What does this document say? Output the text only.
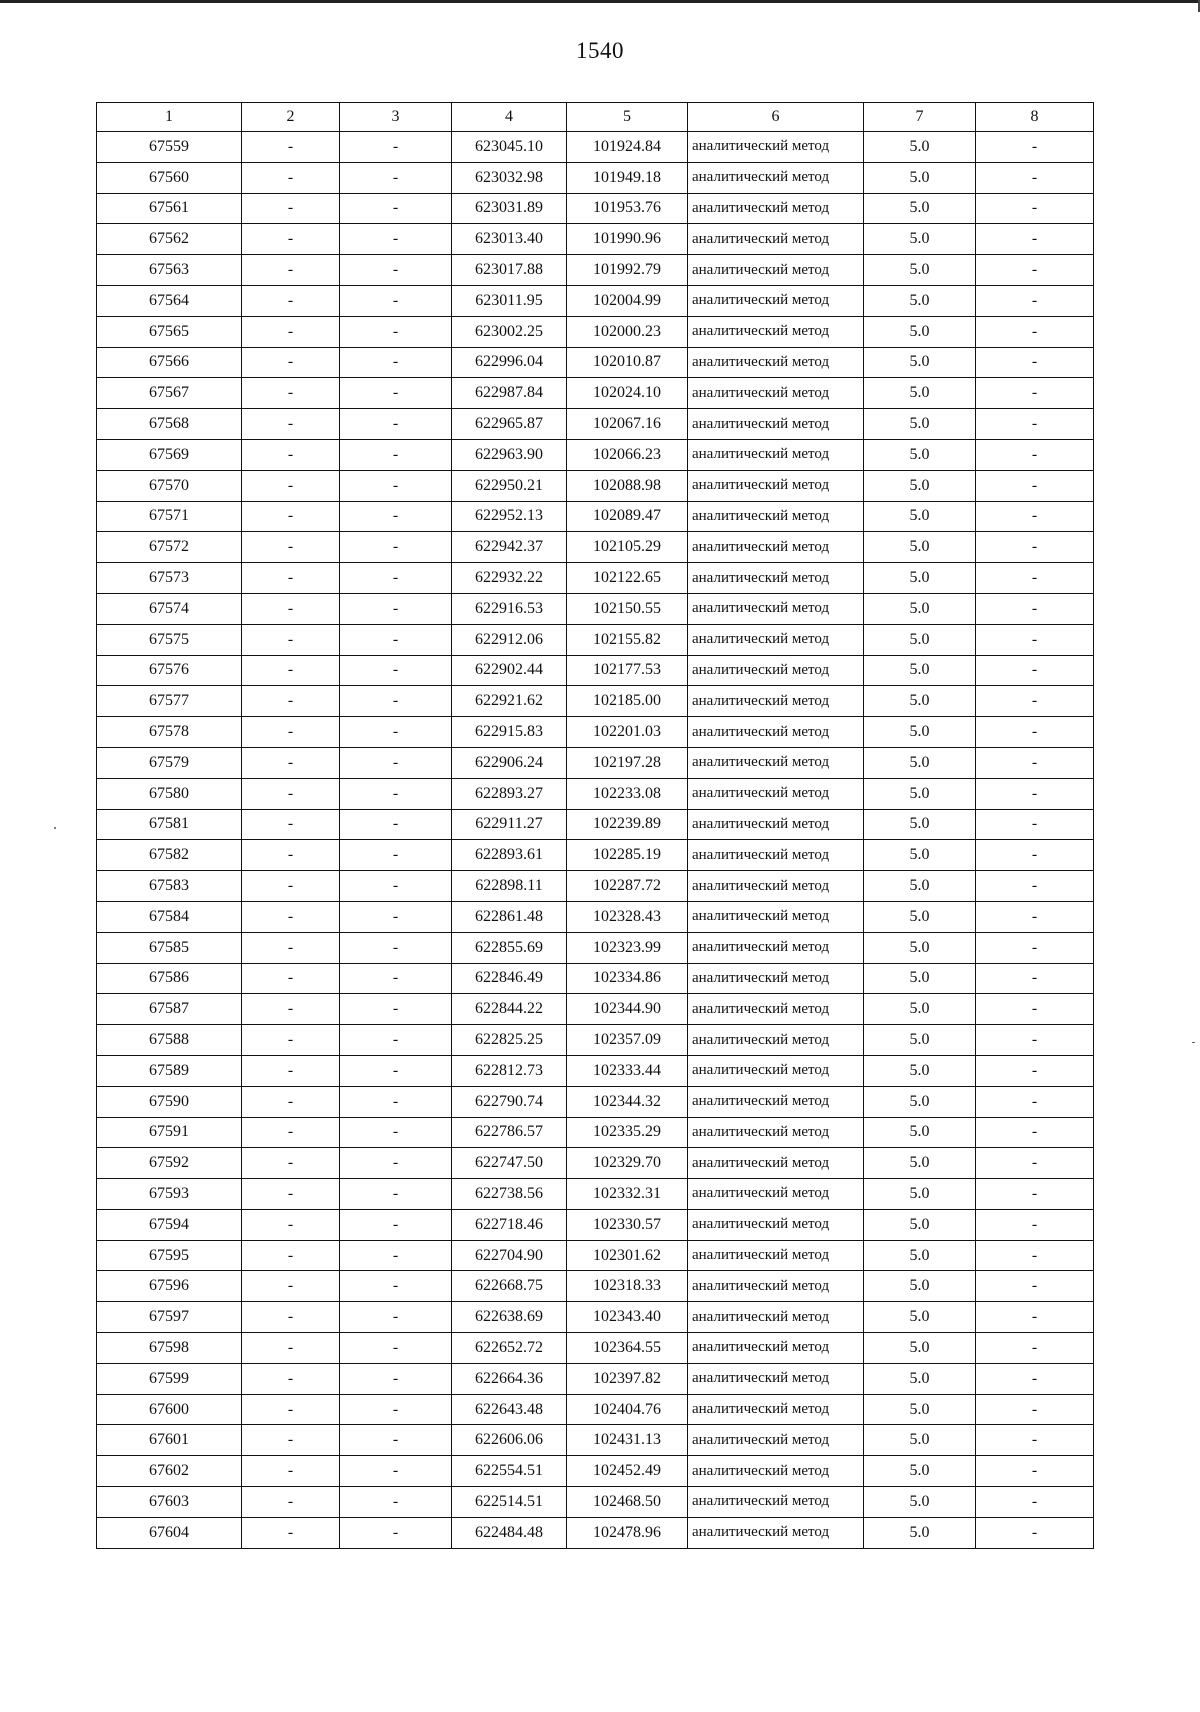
1540
1	2	3	4	5	6	7	8
67559	-	-	623045.10	101924.84	аналитический метод	5.0	-
67560	-	-	623032.98	101949.18	аналитический метод	5.0	-
67561	-	-	623031.89	101953.76	аналитический метод	5.0	-
67562	-	-	623013.40	101990.96	аналитический метод	5.0	-
67563	-	-	623017.88	101992.79	аналитический метод	5.0	-
67564	-	-	623011.95	102004.99	аналитический метод	5.0	-
67565	-	-	623002.25	102000.23	аналитический метод	5.0	-
67566	-	-	622996.04	102010.87	аналитический метод	5.0	-
67567	-	-	622987.84	102024.10	аналитический метод	5.0	-
67568	-	-	622965.87	102067.16	аналитический метод	5.0	-
67569	-	-	622963.90	102066.23	аналитический метод	5.0	-
67570	-	-	622950.21	102088.98	аналитический метод	5.0	-
67571	-	-	622952.13	102089.47	аналитический метод	5.0	-
67572	-	-	622942.37	102105.29	аналитический метод	5.0	-
67573	-	-	622932.22	102122.65	аналитический метод	5.0	-
67574	-	-	622916.53	102150.55	аналитический метод	5.0	-
67575	-	-	622912.06	102155.82	аналитический метод	5.0	-
67576	-	-	622902.44	102177.53	аналитический метод	5.0	-
67577	-	-	622921.62	102185.00	аналитический метод	5.0	-
67578	-	-	622915.83	102201.03	аналитический метод	5.0	-
67579	-	-	622906.24	102197.28	аналитический метод	5.0	-
67580	-	-	622893.27	102233.08	аналитический метод	5.0	-
67581	-	-	622911.27	102239.89	аналитический метод	5.0	-
67582	-	-	622893.61	102285.19	аналитический метод	5.0	-
67583	-	-	622898.11	102287.72	аналитический метод	5.0	-
67584	-	-	622861.48	102328.43	аналитический метод	5.0	-
67585	-	-	622855.69	102323.99	аналитический метод	5.0	-
67586	-	-	622846.49	102334.86	аналитический метод	5.0	-
67587	-	-	622844.22	102344.90	аналитический метод	5.0	-
67588	-	-	622825.25	102357.09	аналитический метод	5.0	-
67589	-	-	622812.73	102333.44	аналитический метод	5.0	-
67590	-	-	622790.74	102344.32	аналитический метод	5.0	-
67591	-	-	622786.57	102335.29	аналитический метод	5.0	-
67592	-	-	622747.50	102329.70	аналитический метод	5.0	-
67593	-	-	622738.56	102332.31	аналитический метод	5.0	-
67594	-	-	622718.46	102330.57	аналитический метод	5.0	-
67595	-	-	622704.90	102301.62	аналитический метод	5.0	-
67596	-	-	622668.75	102318.33	аналитический метод	5.0	-
67597	-	-	622638.69	102343.40	аналитический метод	5.0	-
67598	-	-	622652.72	102364.55	аналитический метод	5.0	-
67599	-	-	622664.36	102397.82	аналитический метод	5.0	-
67600	-	-	622643.48	102404.76	аналитический метод	5.0	-
67601	-	-	622606.06	102431.13	аналитический метод	5.0	-
67602	-	-	622554.51	102452.49	аналитический метод	5.0	-
67603	-	-	622514.51	102468.50	аналитический метод	5.0	-
67604	-	-	622484.48	102478.96	аналитический метод	5.0	-
